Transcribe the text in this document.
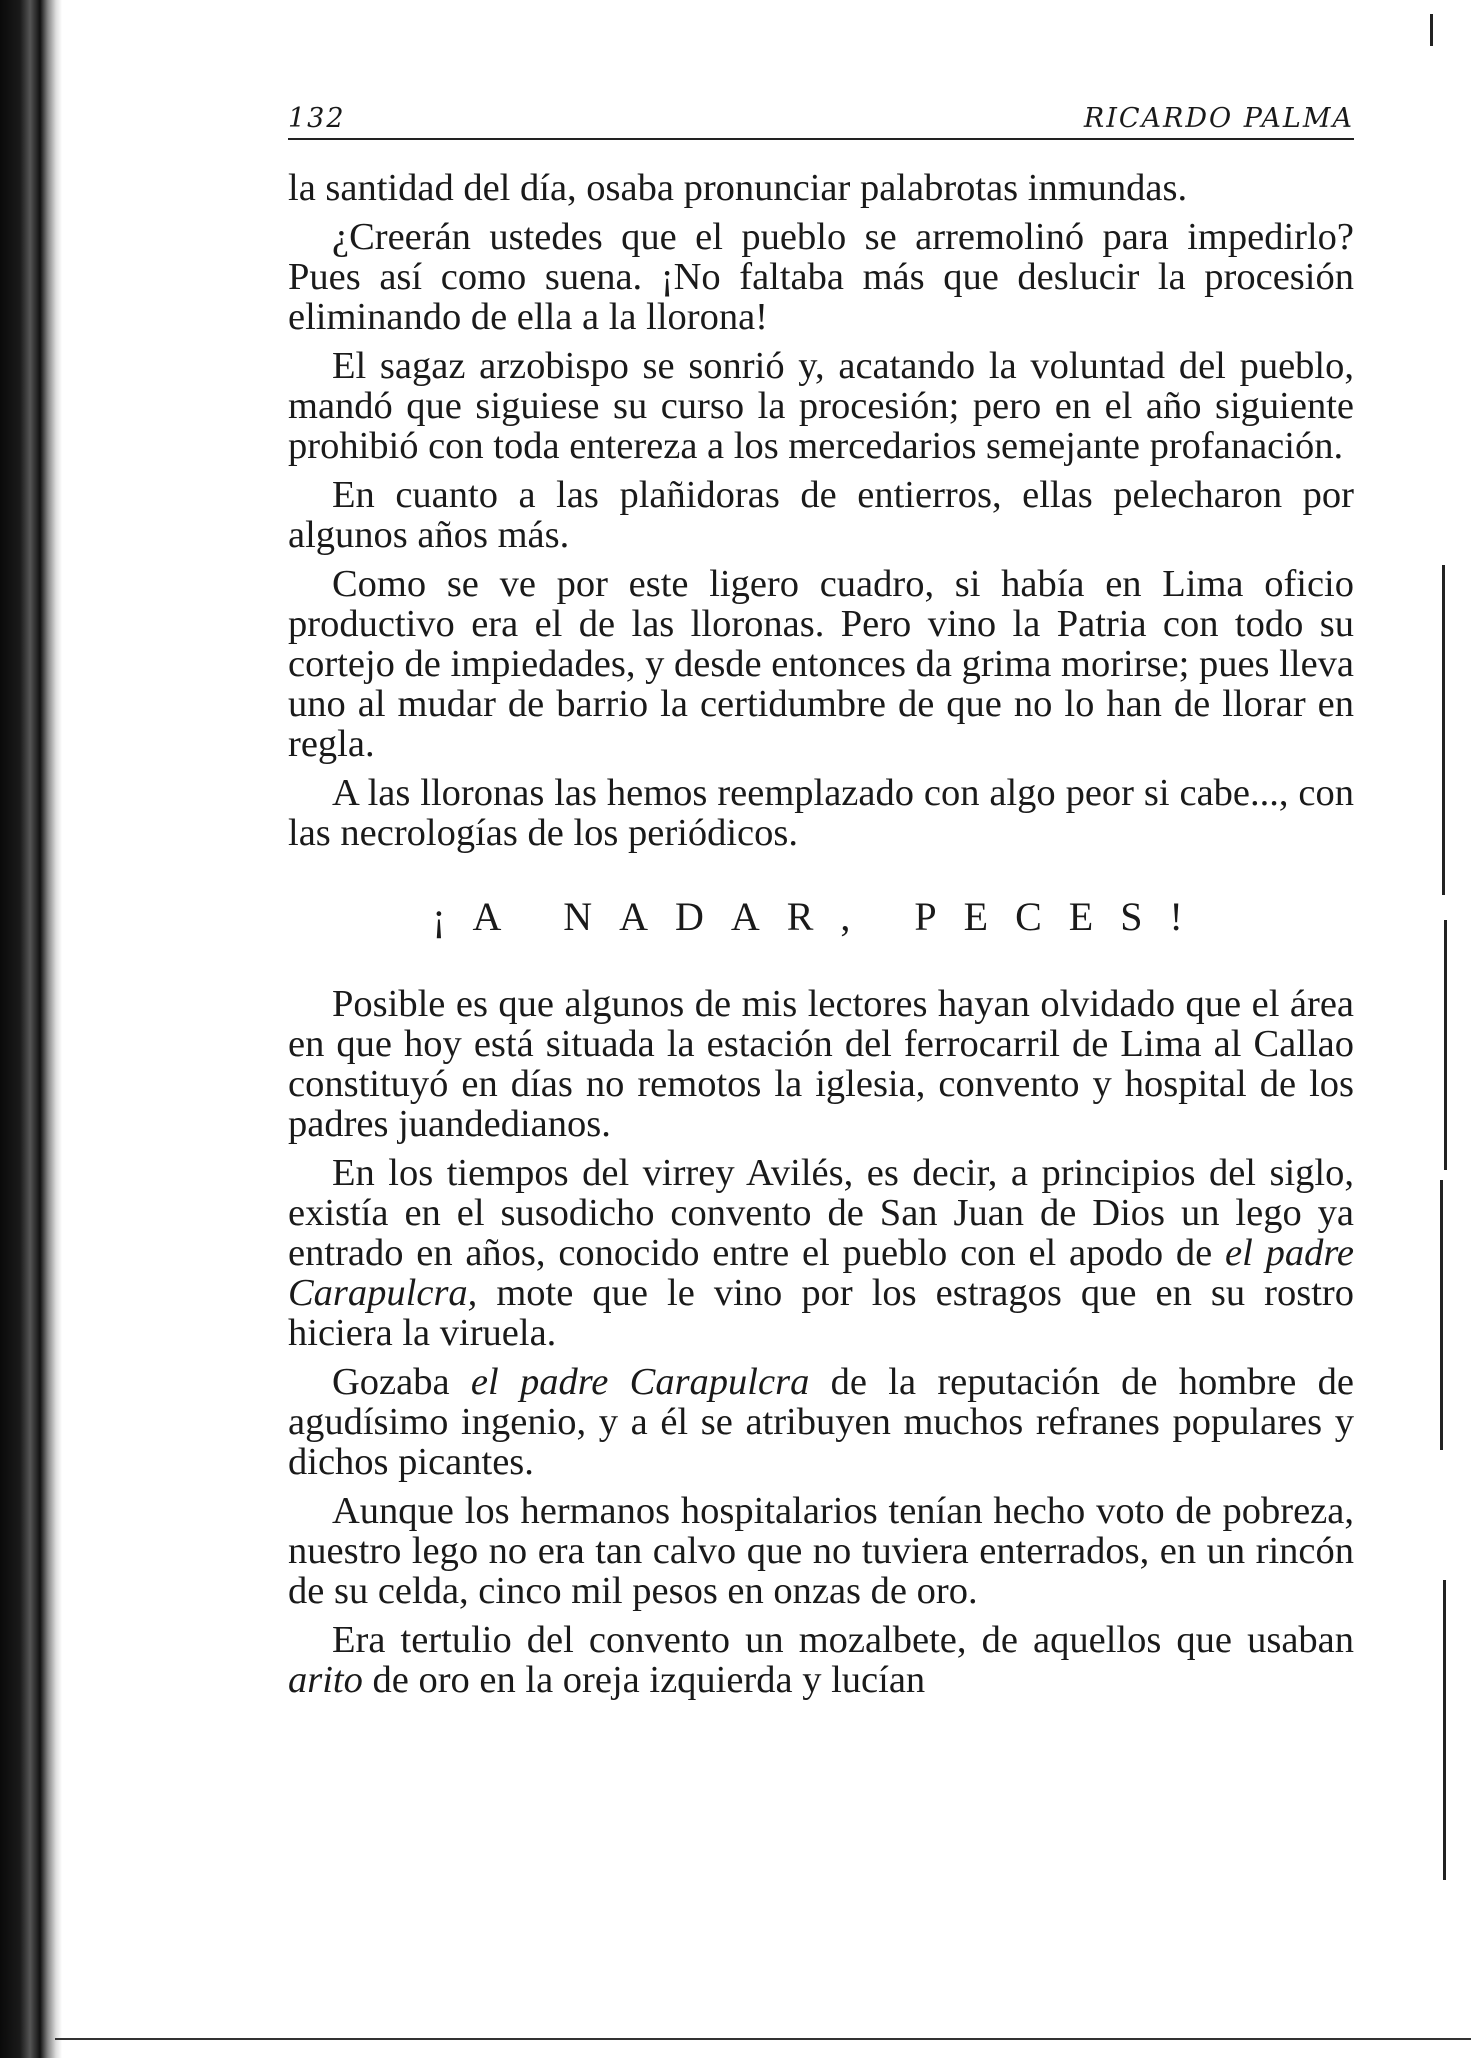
132	RICARDO PALMA

la santidad del día, osaba pronunciar palabrotas inmundas.

¿Creerán ustedes que el pueblo se arremolinó para impedirlo? Pues así como suena. ¡No faltaba más que deslucir la procesión eliminando de ella a la llorona!

El sagaz arzobispo se sonrió y, acatando la voluntad del pueblo, mandó que siguiese su curso la procesión; pero en el año siguiente prohibió con toda entereza a los mercedarios semejante profanación.

En cuanto a las plañidoras de entierros, ellas pelecharon por algunos años más.

Como se ve por este ligero cuadro, si había en Lima oficio productivo era el de las lloronas. Pero vino la Patria con todo su cortejo de impiedades, y desde entonces da grima morirse; pues lleva uno al mudar de barrio la certidumbre de que no lo han de llorar en regla.

A las lloronas las hemos reemplazado con algo peor si cabe..., con las necrologías de los periódicos.

¡A NADAR, PECES!

Posible es que algunos de mis lectores hayan olvidado que el área en que hoy está situada la estación del ferrocarril de Lima al Callao constituyó en días no remotos la iglesia, convento y hospital de los padres juandedianos.

En los tiempos del virrey Avilés, es decir, a principios del siglo, existía en el susodicho convento de San Juan de Dios un lego ya entrado en años, conocido entre el pueblo con el apodo de el padre Carapulcra, mote que le vino por los estragos que en su rostro hiciera la viruela.

Gozaba el padre Carapulcra de la reputación de hombre de agudísimo ingenio, y a él se atribuyen muchos refranes populares y dichos picantes.

Aunque los hermanos hospitalarios tenían hecho voto de pobreza, nuestro lego no era tan calvo que no tuviera enterrados, en un rincón de su celda, cinco mil pesos en onzas de oro.

Era tertulio del convento un mozalbete, de aquellos que usaban arito de oro en la oreja izquierda y lucían
